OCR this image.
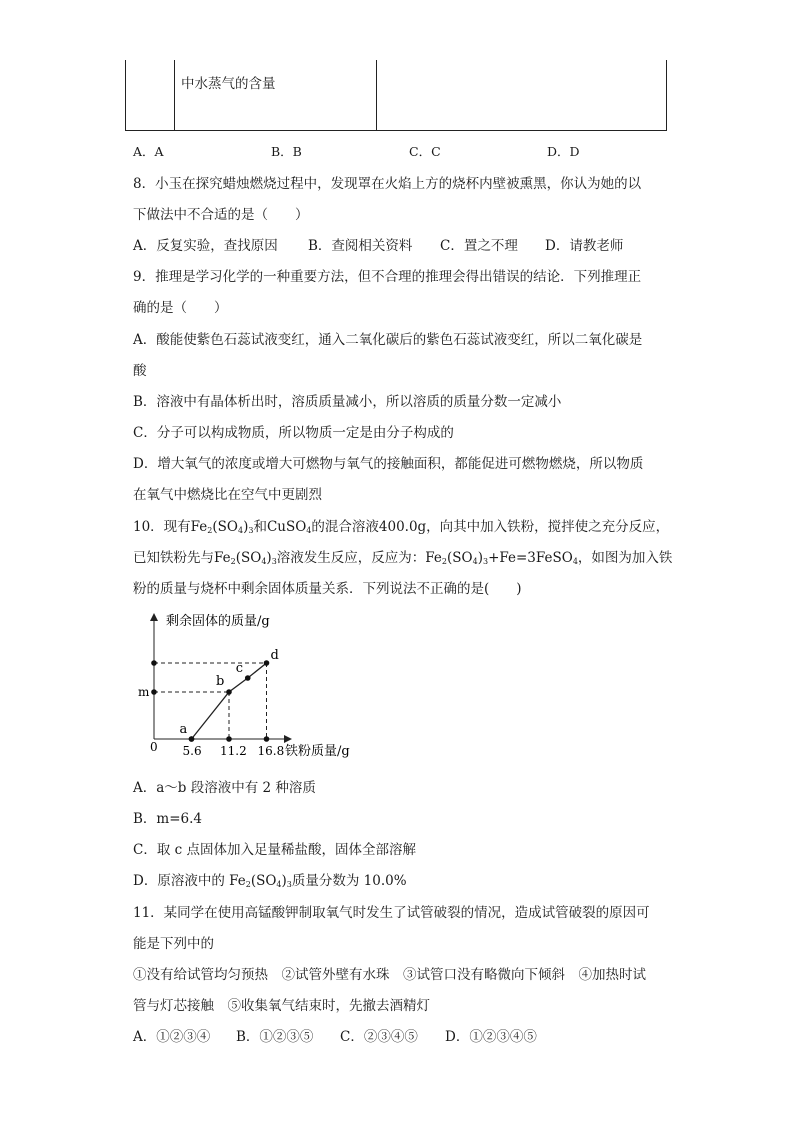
中水蒸气的含量
A．A	B．B	C．C	D．D
8．小玉在探究蜡烛燃烧过程中，发现罩在火焰上方的烧杯内壁被熏黑，你认为她的以
下做法中不合适的是（　　）
A．反复实验，查找原因 B．查阅相关资料 C．置之不理 D．请教老师
9．推理是学习化学的一种重要方法，但不合理的推理会得出错误的结论．下列推理正
确的是（　　）
A．酸能使紫色石蕊试液变红，通入二氧化碳后的紫色石蕊试液变红，所以二氧化碳是
酸
B．溶液中有晶体析出时，溶质质量减小，所以溶质的质量分数一定减小
C．分子可以构成物质，所以物质一定是由分子构成的
D．增大氧气的浓度或增大可燃物与氧气的接触面积，都能促进可燃物燃烧，所以物质
在氧气中燃烧比在空气中更剧烈
10．现有$Fe_2(SO_4)_3$和CuSO$_4$的混合溶液400.0g，向其中加入铁粉，搅拌使之充分反应，
已知铁粉先与$Fe_2(SO_4)_3$溶液发生反应，反应为：$Fe_2(SO_4)_3+Fe=3FeSO_4$，如图为加入铁
粉的质量与烧杯中剩余固体质量关系．下列说法不正确的是(　　)
剩余固体的质量/g
铁粉质量/g
0
m
5.6 11.2 16.8
a
b
c
d
A．a～b 段溶液中有 2 种溶质
B．m=6.4
C．取 c 点固体加入足量稀盐酸，固体全部溶解
D．原溶液中的 $Fe_2(SO_4)_3$质量分数为 10.0%
11．某同学在使用高锰酸钾制取氧气时发生了试管破裂的情况，造成试管破裂的原因可
能是下列中的
①没有给试管均匀预热　②试管外壁有水珠　③试管口没有略微向下倾斜　④加热时试
管与灯芯接触　⑤收集氧气结束时，先撤去酒精灯
A．①②③④ B．①②③⑤ C．②③④⑤ D．①②③④⑤
